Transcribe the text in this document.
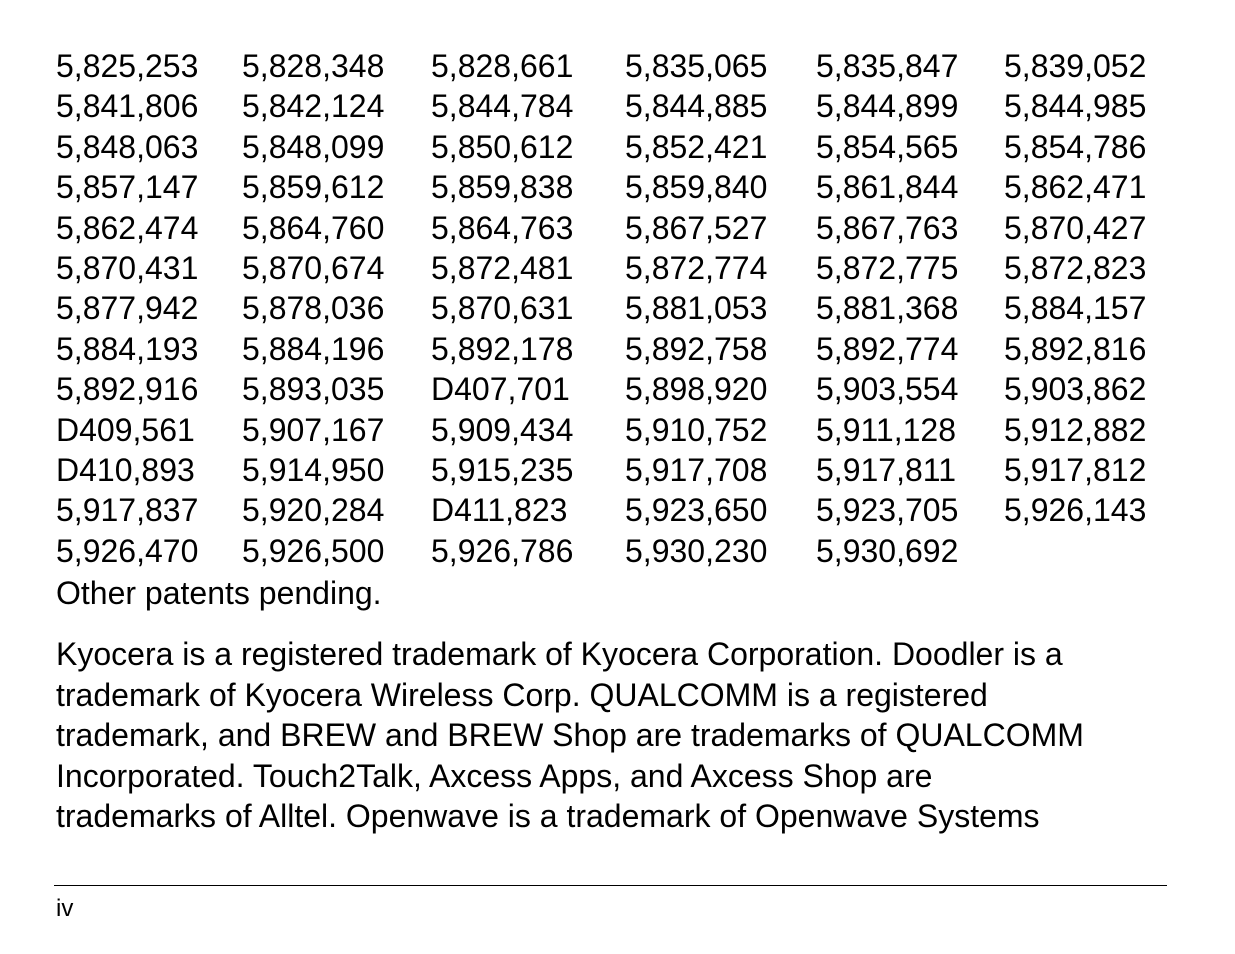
5,825,253	5,828,348	5,828,661	5,835,065	5,835,847	5,839,052
5,841,806	5,842,124	5,844,784	5,844,885	5,844,899	5,844,985
5,848,063	5,848,099	5,850,612	5,852,421	5,854,565	5,854,786
5,857,147	5,859,612	5,859,838	5,859,840	5,861,844	5,862,471
5,862,474	5,864,760	5,864,763	5,867,527	5,867,763	5,870,427
5,870,431	5,870,674	5,872,481	5,872,774	5,872,775	5,872,823
5,877,942	5,878,036	5,870,631	5,881,053	5,881,368	5,884,157
5,884,193	5,884,196	5,892,178	5,892,758	5,892,774	5,892,816
5,892,916	5,893,035	D407,701	5,898,920	5,903,554	5,903,862
D409,561	5,907,167	5,909,434	5,910,752	5,911,128	5,912,882
D410,893	5,914,950	5,915,235	5,917,708	5,917,811	5,917,812
5,917,837	5,920,284	D411,823	5,923,650	5,923,705	5,926,143
5,926,470	5,926,500	5,926,786	5,930,230	5,930,692	
Other patents pending.
Kyocera is a registered trademark of Kyocera Corporation. Doodler is a
trademark of Kyocera Wireless Corp. QUALCOMM is a registered
trademark, and BREW and BREW Shop are trademarks of QUALCOMM
Incorporated. Touch2Talk, Axcess Apps, and Axcess Shop are
trademarks of Alltel. Openwave is a trademark of Openwave Systems
iv
